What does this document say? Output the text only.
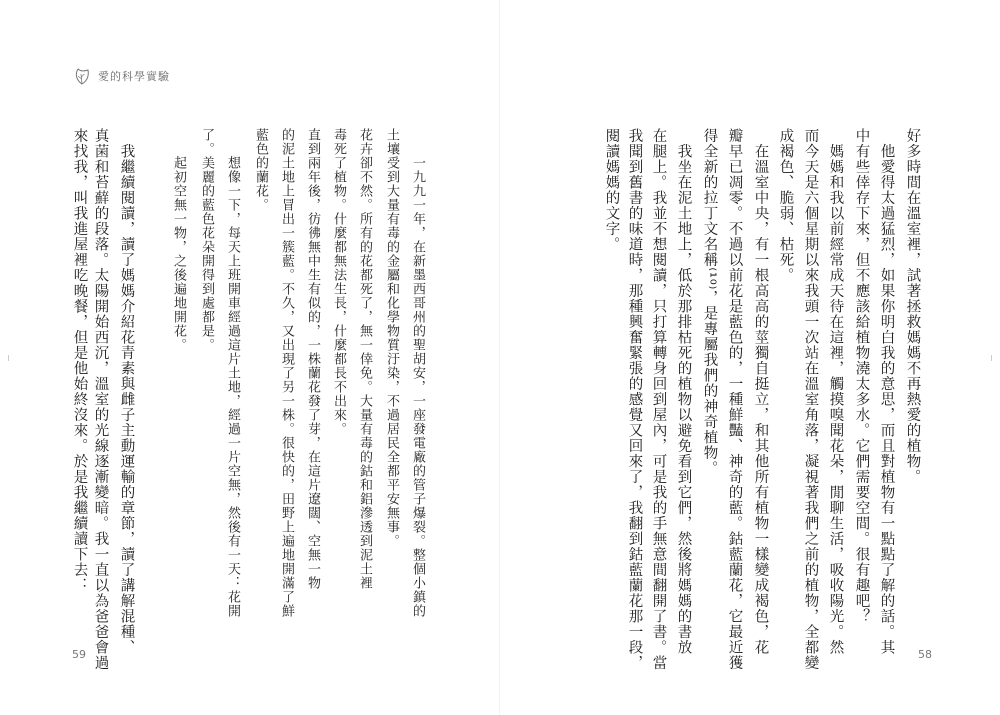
愛的科學實驗
來找我，叫我進屋裡吃晚餐，但是他始終沒來。於是我繼續讀下去： 真菌和苔蘚的段落。太陽開始西沉，溫室的光線逐漸變暗。我一直以為爸爸會過 　我繼續閱讀，讀了媽媽介紹花青素與雌子主動運輸的章節，讀了講解混種、	　　起初空無一物，之後遍地開花。 了。美麗的藍色花朵開得到處都是。 　　想像一下，每天上班開車經過這片土地，經過一片空無，然後有一天：花開 藍色的蘭花。 的泥土地上冒出一簇藍。不久，又出現了另一株。很快的，田野上遍地開滿了鮮 直到兩年後，彷彿無中生有似的，一株蘭花發了芽，在這片遼闊、空無一物 毒死了植物。什麼都無法生長，什麼都長不出來。 花卉卻不然。所有的花都死了，無一倖免。大量有毒的鈷和鋁滲透到泥土裡 土壤受到大量有毒的金屬和化學物質汙染，不過居民全都平安無事。 　　一九九一年，在新墨西哥州的聖胡安，一座發電廠的管子爆裂。整個小鎮的
59
閱讀媽媽的文字。 我聞到舊書的味道時，那種興奮緊張的感覺又回來了，我翻到鈷藍蘭花那一段， 在腿上。我並不想閱讀，只打算轉身回到屋內，可是我的手無意間翻開了書。當 　我坐在泥土地上，低於那排枯死的植物以避免看到它們，然後將媽媽的書放 得全新的拉丁文名稱⁽¹⁰⁾，是專屬我們的神奇植物。 瓣早已凋零。不過以前花是藍色的，一種鮮豔、神奇的藍。鈷藍蘭花，它最近獲 　在溫室中央，有一根高高的莖獨自挺立，和其他所有植物一樣變成褐色，花 成褐色、脆弱、枯死。 而今天是六個星期以來我頭一次站在溫室角落，凝視著我們之前的植物，全都變 　媽媽和我以前經常成天待在這裡，觸摸嗅聞花朵，閒聊生活，吸收陽光。然 中有些倖存下來，但不應該給植物澆太多水。它們需要空間。很有趣吧？ 　他愛得太過猛烈，如果你明白我的意思，而且對植物有一點點了解的話。其 好多時間在溫室裡，試著拯救媽媽不再熱愛的植物。
58
